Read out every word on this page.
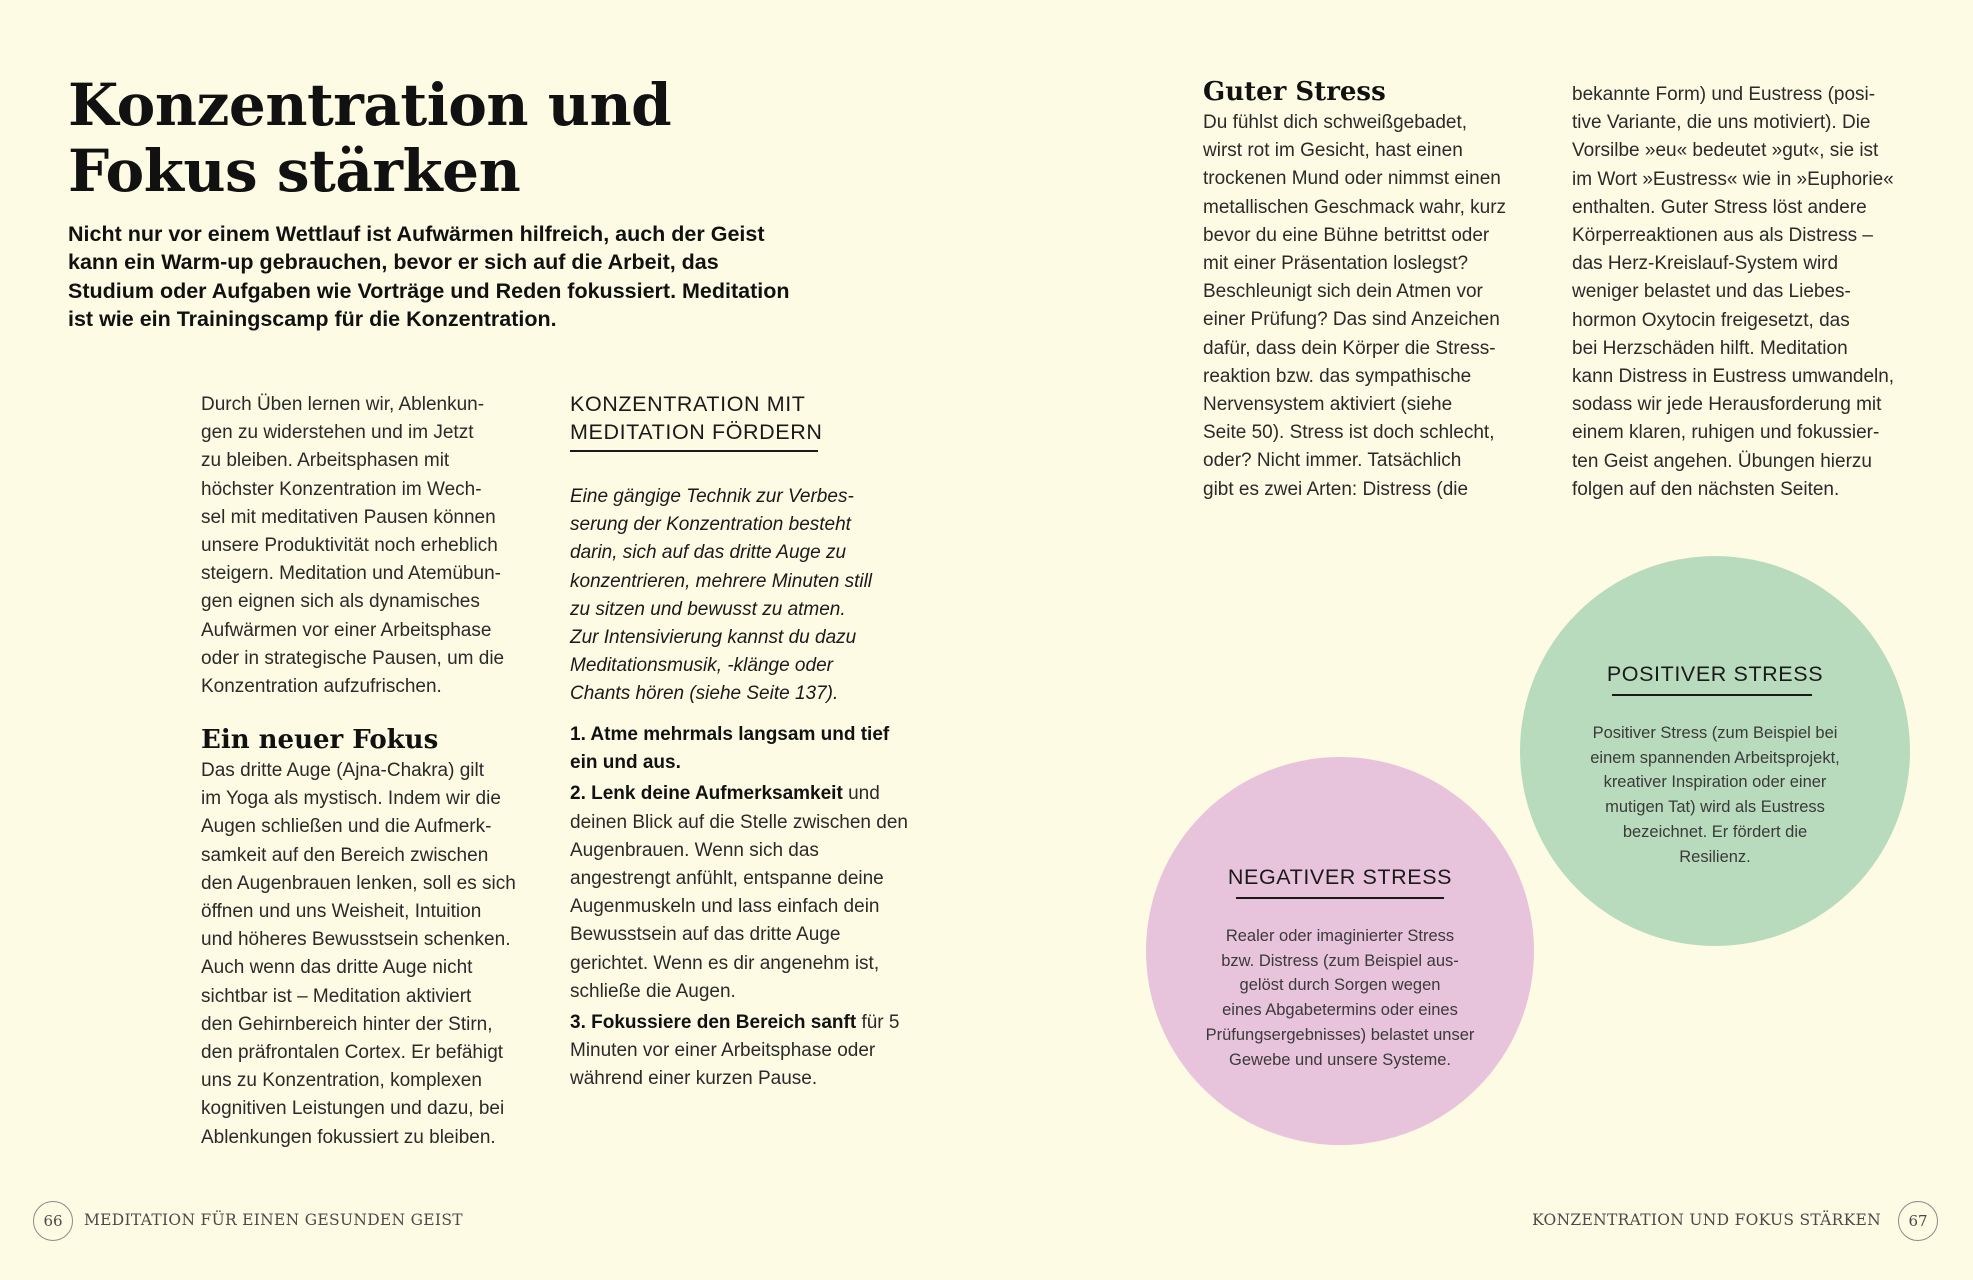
Konzentration und
Fokus stärken
Nicht nur vor einem Wettlauf ist Aufwärmen hilfreich, auch der Geist kann ein Warm-up gebrauchen, bevor er sich auf die Arbeit, das Studium oder Aufgaben wie Vorträge und Reden fokussiert. Meditation ist wie ein Trainingscamp für die Konzentration.
Durch Üben lernen wir, Ablenkun-
gen zu widerstehen und im Jetzt
zu bleiben. Arbeitsphasen mit
höchster Konzentration im Wech-
sel mit meditativen Pausen können
unsere Produktivität noch erheblich
steigern. Meditation und Atemübun-
gen eignen sich als dynamisches
Aufwärmen vor einer Arbeitsphase
oder in strategische Pausen, um die
Konzentration aufzufrischen.
Ein neuer Fokus
Das dritte Auge (Ajna-Chakra) gilt
im Yoga als mystisch. Indem wir die
Augen schließen und die Aufmerk-
samkeit auf den Bereich zwischen
den Augenbrauen lenken, soll es sich
öffnen und uns Weisheit, Intuition
und höheres Bewusstsein schenken.
Auch wenn das dritte Auge nicht
sichtbar ist – Meditation aktiviert
den Gehirnbereich hinter der Stirn,
den präfrontalen Cortex. Er befähigt
uns zu Konzentration, komplexen
kognitiven Leistungen und dazu, bei
Ablenkungen fokussiert zu bleiben.
KONZENTRATION MIT
MEDITATION FÖRDERN
Eine gängige Technik zur Verbes-
serung der Konzentration besteht
darin, sich auf das dritte Auge zu
konzentrieren, mehrere Minuten still
zu sitzen und bewusst zu atmen.
Zur Intensivierung kannst du dazu
Meditationsmusik, -klänge oder
Chants hören (siehe Seite 137).

1. Atme mehrmals langsam und tief ein und aus.

2. Lenk deine Aufmerksamkeit und deinen Blick auf die Stelle zwischen den Augenbrauen. Wenn sich das angestrengt anfühlt, entspanne deine Augenmuskeln und lass einfach dein Bewusstsein auf das dritte Auge gerichtet. Wenn es dir angenehm ist, schließe die Augen.

3. Fokussiere den Bereich sanft für 5 Minuten vor einer Arbeitsphase oder während einer kurzen Pause.

Guter Stress
Du fühlst dich schweißgebadet,
wirst rot im Gesicht, hast einen
trockenen Mund oder nimmst einen
metallischen Geschmack wahr, kurz
bevor du eine Bühne betrittst oder
mit einer Präsentation loslegst?
Beschleunigt sich dein Atmen vor
einer Prüfung? Das sind Anzeichen
dafür, dass dein Körper die Stress-
reaktion bzw. das sympathische
Nervensystem aktiviert (siehe
Seite 50). Stress ist doch schlecht,
oder? Nicht immer. Tatsächlich
gibt es zwei Arten: Distress (die
bekannte Form) und Eustress (posi-
tive Variante, die uns motiviert). Die
Vorsilbe »eu« bedeutet »gut«, sie ist
im Wort »Eustress« wie in »Euphorie«
enthalten. Guter Stress löst andere
Körperreaktionen aus als Distress –
das Herz-Kreislauf-System wird
weniger belastet und das Liebes-
hormon Oxytocin freigesetzt, das
bei Herzschäden hilft. Meditation
kann Distress in Eustress umwandeln,
sodass wir jede Herausforderung mit
einem klaren, ruhigen und fokussier-
ten Geist angehen. Übungen hierzu
folgen auf den nächsten Seiten.
POSITIVER STRESS
Positiver Stress (zum Beispiel bei
einem spannenden Arbeitsprojekt,
kreativer Inspiration oder einer
mutigen Tat) wird als Eustress
bezeichnet. Er fördert die
Resilienz.
NEGATIVER STRESS
Realer oder imaginierter Stress
bzw. Distress (zum Beispiel aus-
gelöst durch Sorgen wegen
eines Abgabetermins oder eines
Prüfungsergebnisses) belastet unser
Gewebe und unsere Systeme.
66	MEDITATION FÜR EINEN GESUNDEN GEIST	KONZENTRATION UND FOKUS STÄRKEN	67
